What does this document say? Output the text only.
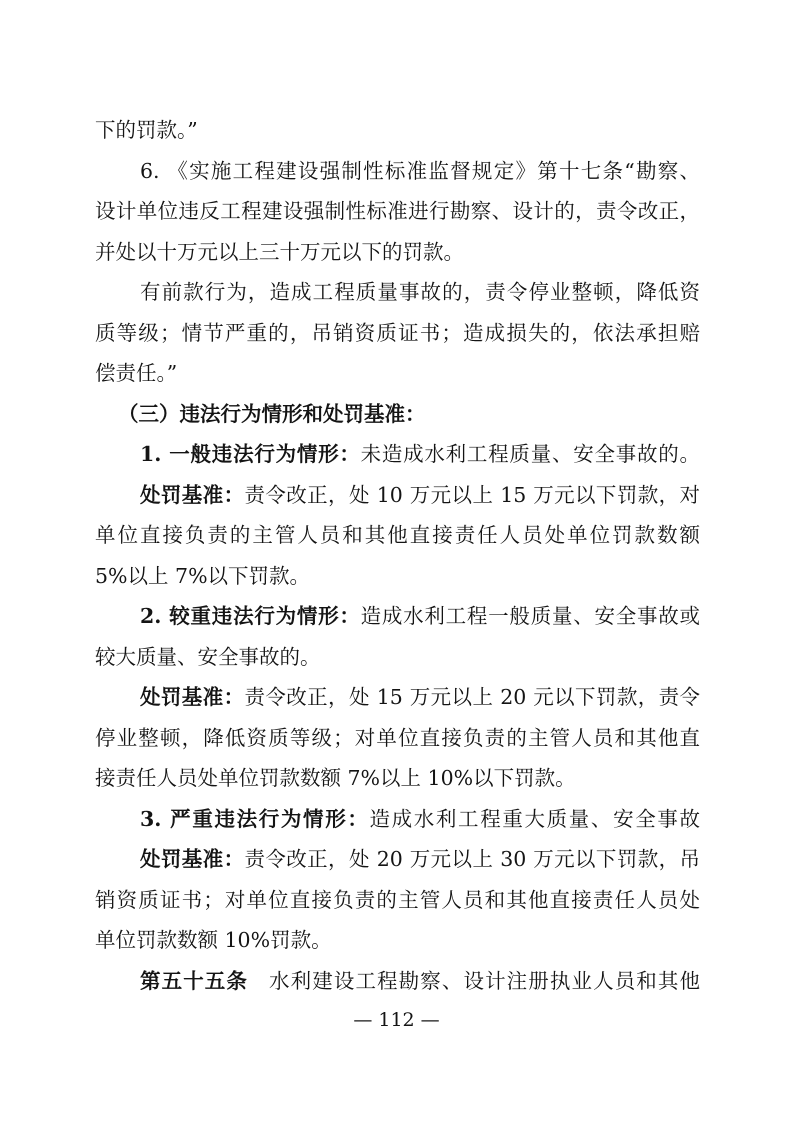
下的罚款。”
6. 《实施工程建设强制性标准监督规定》第十七条“勘察、
设计单位违反工程建设强制性标准进行勘察、设计的，责令改正，
并处以十万元以上三十万元以下的罚款。
有前款行为，造成工程质量事故的，责令停业整顿，降低资
质等级；情节严重的，吊销资质证书；造成损失的，依法承担赔
偿责任。”
（三）违法行为情形和处罚基准：
1. 一般违法行为情形：未造成水利工程质量、安全事故的。
处罚基准：责令改正，处 10 万元以上 15 万元以下罚款，对
单位直接负责的主管人员和其他直接责任人员处单位罚款数额
5%以上 7%以下罚款。
2. 较重违法行为情形：造成水利工程一般质量、安全事故或
较大质量、安全事故的。
处罚基准：责令改正，处 15 万元以上 20 元以下罚款，责令
停业整顿，降低资质等级；对单位直接负责的主管人员和其他直
接责任人员处单位罚款数额 7%以上 10%以下罚款。
3. 严重违法行为情形：造成水利工程重大质量、安全事故
处罚基准：责令改正，处 20 万元以上 30 万元以下罚款，吊
销资质证书；对单位直接负责的主管人员和其他直接责任人员处
单位罚款数额 10%罚款。
第五十五条 水利建设工程勘察、设计注册执业人员和其他
— 112 —
